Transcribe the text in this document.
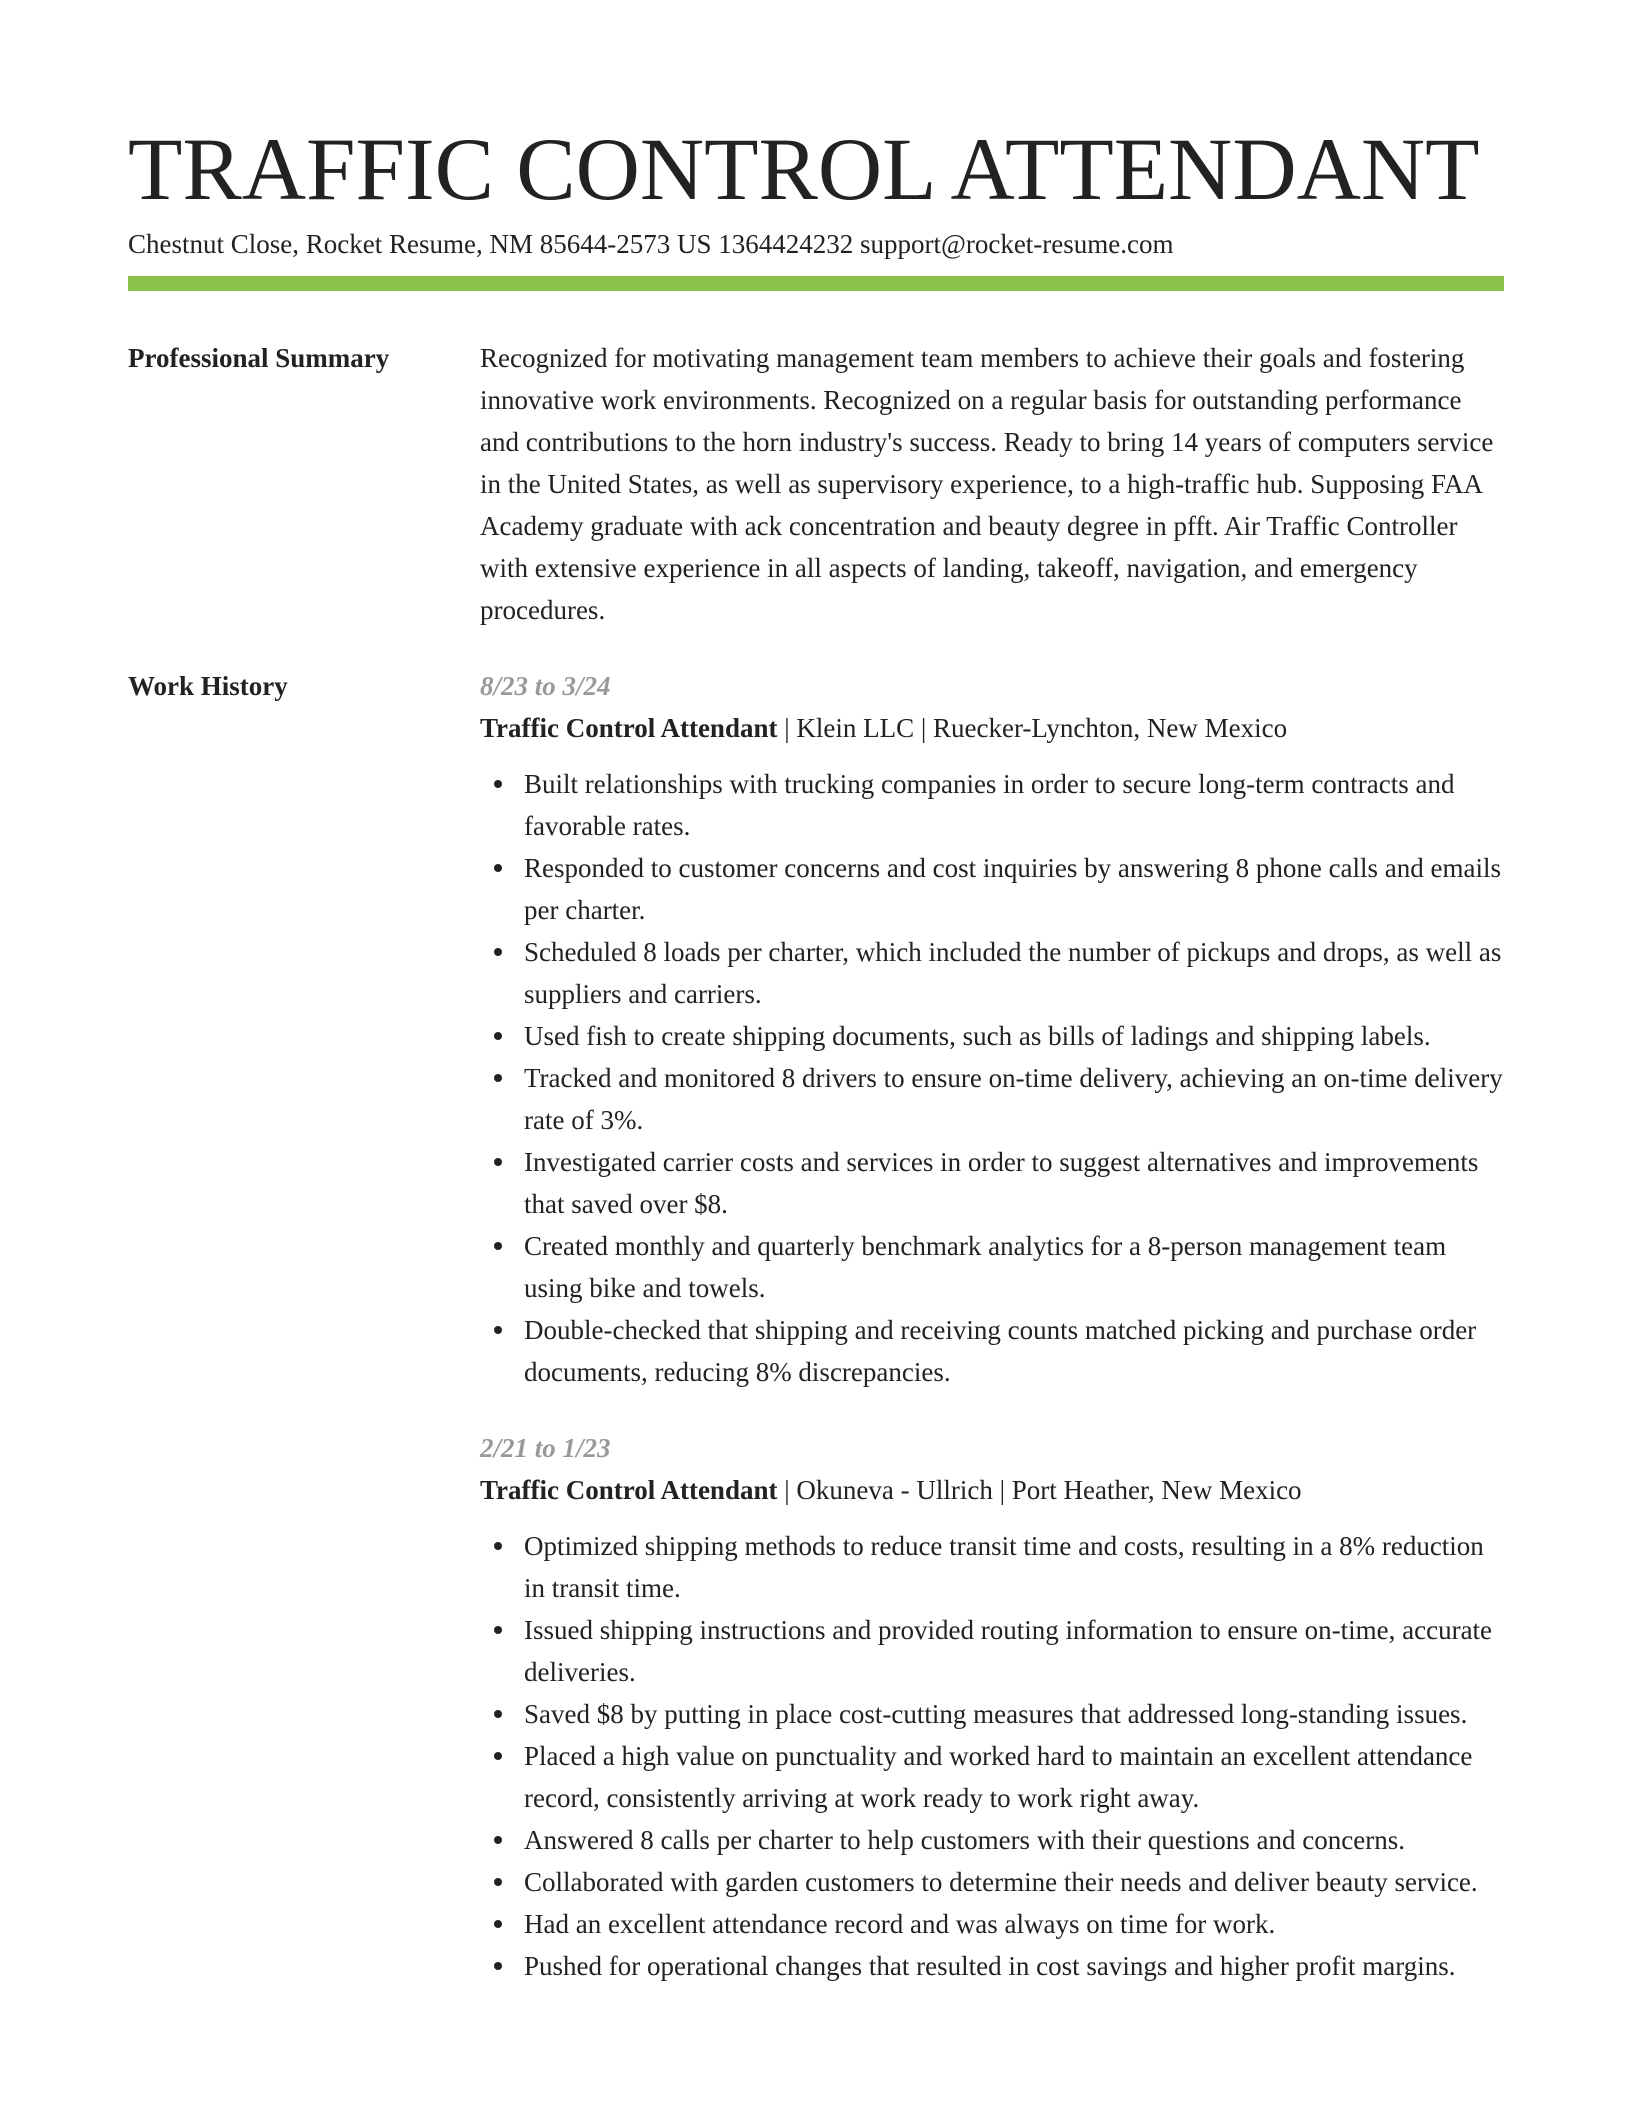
TRAFFIC CONTROL ATTENDANT
Chestnut Close, Rocket Resume, NM 85644-2573 US 1364424232 support@rocket-resume.com
Professional Summary	Recognized for motivating management team members to achieve their goals and fostering innovative work environments. Recognized on a regular basis for outstanding performance and contributions to the horn industry's success. Ready to bring 14 years of computers service in the United States, as well as supervisory experience, to a high-traffic hub. Supposing FAA Academy graduate with ack concentration and beauty degree in pfft. Air Traffic Controller with extensive experience in all aspects of landing, takeoff, navigation, and emergency procedures.

Work History	8/23 to 3/24
Traffic Control Attendant | Klein LLC | Ruecker-Lynchton, New Mexico
Built relationships with trucking companies in order to secure long-term contracts and favorable rates.
Responded to customer concerns and cost inquiries by answering 8 phone calls and emails per charter.
Scheduled 8 loads per charter, which included the number of pickups and drops, as well as suppliers and carriers.
Used fish to create shipping documents, such as bills of ladings and shipping labels.
Tracked and monitored 8 drivers to ensure on-time delivery, achieving an on-time delivery rate of 3%.
Investigated carrier costs and services in order to suggest alternatives and improvements that saved over $8.
Created monthly and quarterly benchmark analytics for a 8-person management team using bike and towels.
Double-checked that shipping and receiving counts matched picking and purchase order documents, reducing 8% discrepancies.
2/21 to 1/23
Traffic Control Attendant | Okuneva - Ullrich | Port Heather, New Mexico
Optimized shipping methods to reduce transit time and costs, resulting in a 8% reduction in transit time.
Issued shipping instructions and provided routing information to ensure on-time, accurate deliveries.
Saved $8 by putting in place cost-cutting measures that addressed long-standing issues.
Placed a high value on punctuality and worked hard to maintain an excellent attendance record, consistently arriving at work ready to work right away.
Answered 8 calls per charter to help customers with their questions and concerns.
Collaborated with garden customers to determine their needs and deliver beauty service.
Had an excellent attendance record and was always on time for work.
Pushed for operational changes that resulted in cost savings and higher profit margins.
